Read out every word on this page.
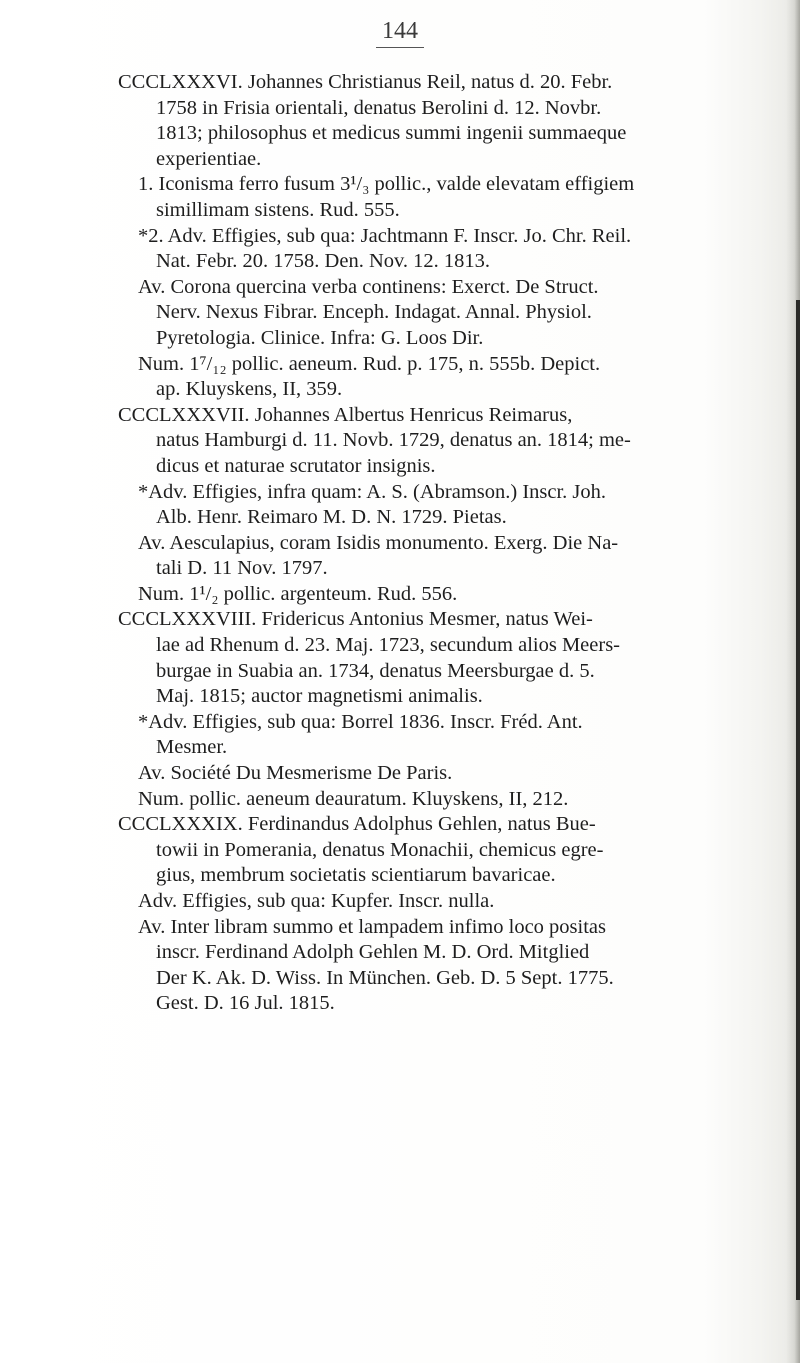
144
CCCLXXXVI. Johannes Christianus Reil, natus d. 20. Febr.
1758 in Frisia orientali, denatus Berolini d. 12. Novbr.
1813; philosophus et medicus summi ingenii summaeque
experientiae.
1. Iconisma ferro fusum 3¹/₃ pollic., valde elevatam effigiem
simillimam sistens. Rud. 555.
*2. Adv. Effigies, sub qua: Jachtmann F. Inscr. Jo. Chr. Reil.
Nat. Febr. 20. 1758. Den. Nov. 12. 1813.
Av. Corona quercina verba continens: Exerct. De Struct.
Nerv. Nexus Fibrar. Enceph. Indagat. Annal. Physiol.
Pyretologia. Clinice. Infra: G. Loos Dir.
Num. 1⁷/₁₂ pollic. aeneum. Rud. p. 175, n. 555b. Depict.
ap. Kluyskens, II, 359.
CCCLXXXVII. Johannes Albertus Henricus Reimarus,
natus Hamburgi d. 11. Novb. 1729, denatus an. 1814; me-
dicus et naturae scrutator insignis.
*Adv. Effigies, infra quam: A. S. (Abramson.) Inscr. Joh.
Alb. Henr. Reimaro M. D. N. 1729. Pietas.
Av. Aesculapius, coram Isidis monumento. Exerg. Die Na-
tali D. 11 Nov. 1797.
Num. 1¹/₂ pollic. argenteum. Rud. 556.
CCCLXXXVIII. Fridericus Antonius Mesmer, natus Wei-
lae ad Rhenum d. 23. Maj. 1723, secundum alios Meers-
burgae in Suabia an. 1734, denatus Meersburgae d. 5.
Maj. 1815; auctor magnetismi animalis.
*Adv. Effigies, sub qua: Borrel 1836. Inscr. Fréd. Ant.
Mesmer.
Av. Société Du Mesmerisme De Paris.
Num. pollic. aeneum deauratum. Kluyskens, II, 212.
CCCLXXXIX. Ferdinandus Adolphus Gehlen, natus Bue-
towii in Pomerania, denatus Monachii, chemicus egre-
gius, membrum societatis scientiarum bavaricae.
Adv. Effigies, sub qua: Kupfer. Inscr. nulla.
Av. Inter libram summo et lampadem infimo loco positas
inscr. Ferdinand Adolph Gehlen M. D. Ord. Mitglied
Der K. Ak. D. Wiss. In München. Geb. D. 5 Sept. 1775.
Gest. D. 16 Jul. 1815.
